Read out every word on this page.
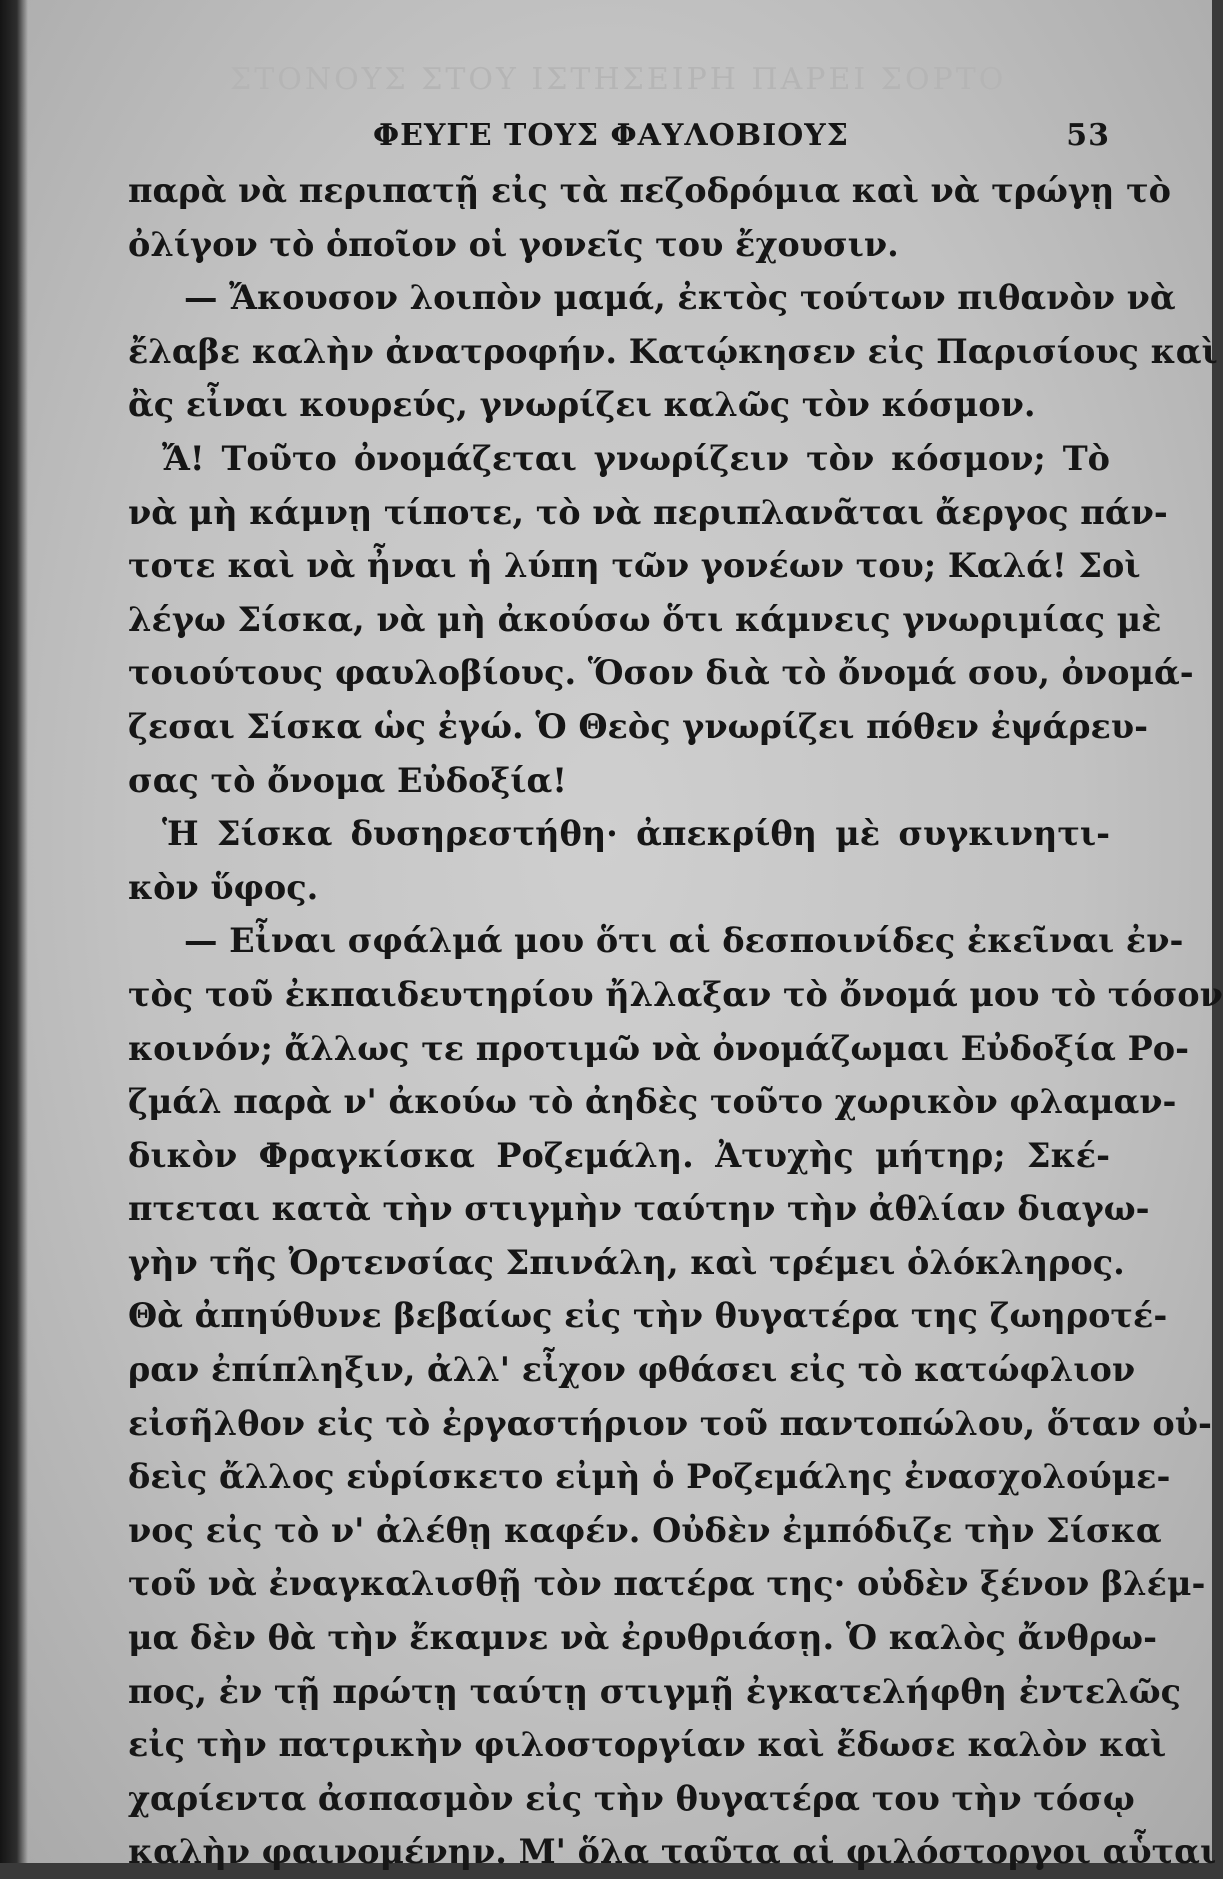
ΣΤΟΝΟΥΣ ΣΤΟΥ ΙΣΤΗΣΕΙΡΗ ΠΑΡΕΙ ΣΟΡΤΟ
ΦΕΥΓΕ ΤΟΥΣ ΦΑΥΛΟΒΙΟΥΣ	53
παρὰ νὰ περιπατῇ εἰς τὰ πεζοδρόμια καὶ νὰ τρώγῃ τὸ
ὀλίγον τὸ ὁποῖον οἱ γονεῖς του ἔχουσιν.
— Ἄκουσον λοιπὸν μαμά, ἐκτὸς τούτων πιθανὸν νὰ
ἔλαβε καλὴν ἀνατροφήν. Κατῴκησεν εἰς Παρισίους καὶ
ἂς εἶναι κουρεύς, γνωρίζει καλῶς τὸν κόσμον.
Ἄ! Τοῦτο ὀνομάζεται γνωρίζειν τὸν κόσμον; Τὸ
νὰ μὴ κάμνῃ τίποτε, τὸ νὰ περιπλανᾶται ἄεργος πάν-
τοτε καὶ νὰ ἦναι ἡ λύπη τῶν γονέων του; Καλά! Σοὶ
λέγω Σίσκα, νὰ μὴ ἀκούσω ὅτι κάμνεις γνωριμίας μὲ
τοιούτους φαυλοβίους. Ὅσον διὰ τὸ ὄνομά σου, ὀνομά-
ζεσαι Σίσκα ὡς ἐγώ. Ὁ Θεὸς γνωρίζει πόθεν ἐψάρευ-
σας τὸ ὄνομα Εὐδοξία!
Ἡ Σίσκα δυσηρεστήθη· ἀπεκρίθη μὲ συγκινητι-
κὸν ὕφος.
— Εἶναι σφάλμά μου ὅτι αἱ δεσποινίδες ἐκεῖναι ἐν-
τὸς τοῦ ἐκπαιδευτηρίου ἤλλαξαν τὸ ὄνομά μου τὸ τόσον
κοινόν; ἄλλως τε προτιμῶ νὰ ὀνομάζωμαι Εὐδοξία Ρο-
ζμάλ παρὰ ν' ἀκούω τὸ ἀηδὲς τοῦτο χωρικὸν φλαμαν-
δικὸν Φραγκίσκα Ροζεμάλη. Ἀτυχὴς μήτηρ; Σκέ-
πτεται κατὰ τὴν στιγμὴν ταύτην τὴν ἀθλίαν διαγω-
γὴν τῆς Ὀρτενσίας Σπινάλη, καὶ τρέμει ὁλόκληρος.
Θὰ ἀπηύθυνε βεβαίως εἰς τὴν θυγατέρα της ζωηροτέ-
ραν ἐπίπληξιν, ἀλλ' εἶχον φθάσει εἰς τὸ κατώφλιον
εἰσῆλθον εἰς τὸ ἐργαστήριον τοῦ παντοπώλου, ὅταν οὐ-
δεὶς ἄλλος εὑρίσκετο εἰμὴ ὁ Ροζεμάλης ἐνασχολούμε-
νος εἰς τὸ ν' ἀλέθῃ καφέν. Οὐδὲν ἐμπόδιζε τὴν Σίσκα
τοῦ νὰ ἐναγκαλισθῇ τὸν πατέρα της· οὐδὲν ξένον βλέμ-
μα δὲν θὰ τὴν ἔκαμνε νὰ ἐρυθριάσῃ. Ὁ καλὸς ἄνθρω-
πος, ἐν τῇ πρώτῃ ταύτῃ στιγμῇ ἐγκατελήφθη ἐντελῶς
εἰς τὴν πατρικὴν φιλοστοργίαν καὶ ἔδωσε καλὸν καὶ
χαρίεντα ἀσπασμὸν εἰς τὴν θυγατέρα του τὴν τόσῳ
καλὴν φαινομένην. Μ' ὅλα ταῦτα αἱ φιλόστοργοι αὗται
